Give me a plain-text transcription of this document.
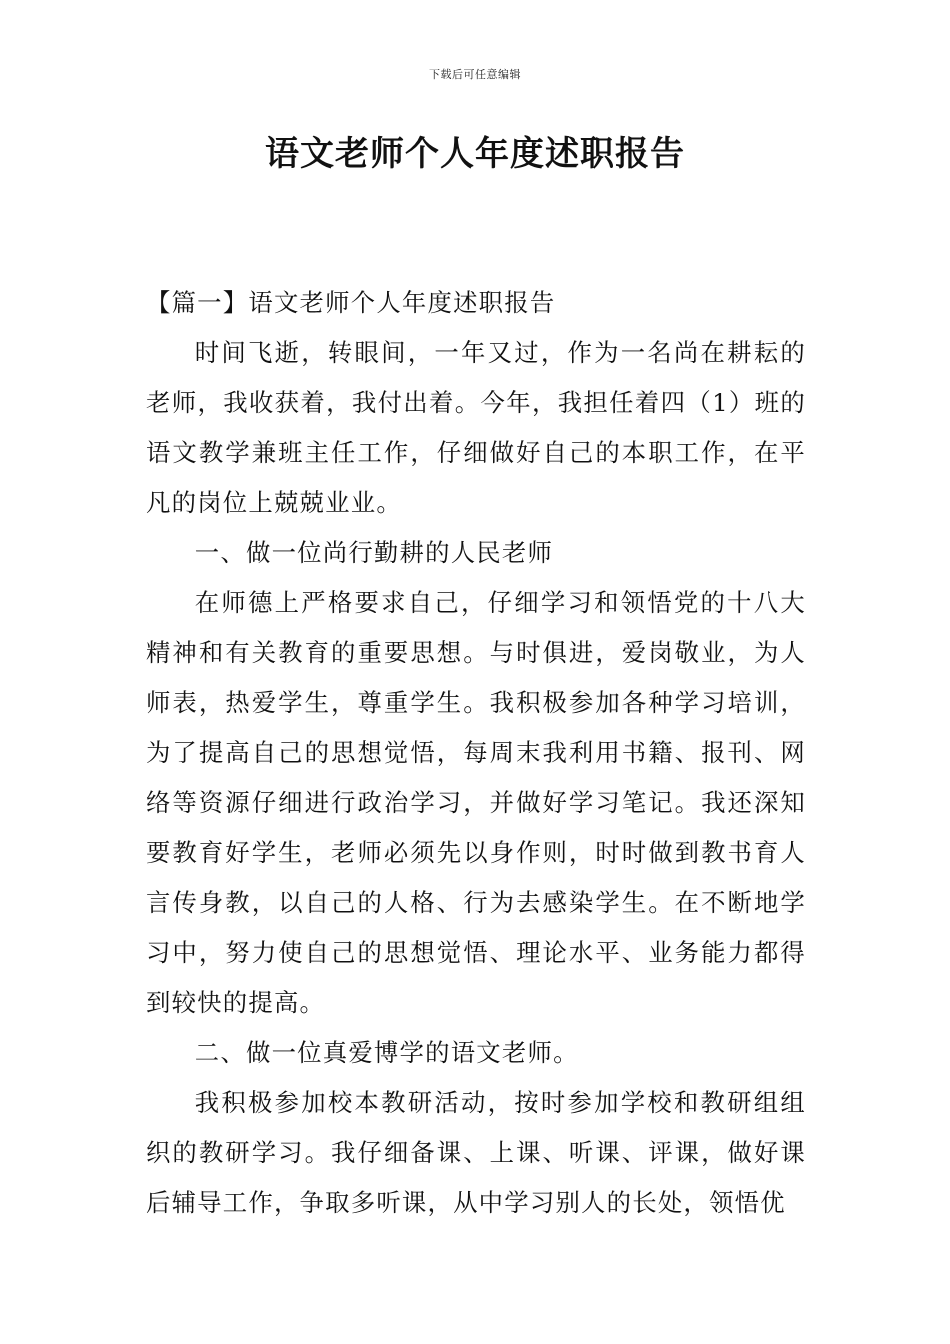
下载后可任意编辑
语文老师个人年度述职报告

【篇一】语文老师个人年度述职报告

时间飞逝，转眼间，一年又过，作为一名尚在耕耘的老师，我收获着，我付出着。今年，我担任着四（1）班的语文教学兼班主任工作，仔细做好自己的本职工作，在平凡的岗位上兢兢业业。

一、做一位尚行勤耕的人民老师

在师德上严格要求自己，仔细学习和领悟党的十八大精神和有关教育的重要思想。与时俱进，爱岗敬业，为人师表，热爱学生，尊重学生。我积极参加各种学习培训，为了提高自己的思想觉悟，每周末我利用书籍、报刊、网络等资源仔细进行政治学习，并做好学习笔记。我还深知要教育好学生，老师必须先以身作则，时时做到教书育人言传身教，以自己的人格、行为去感染学生。在不断地学习中，努力使自己的思想觉悟、理论水平、业务能力都得到较快的提高。

二、做一位真爱博学的语文老师。

我积极参加校本教研活动，按时参加学校和教研组组织的教研学习。我仔细备课、上课、听课、评课，做好课后辅导工作，争取多听课，从中学习别人的长处，领悟优
